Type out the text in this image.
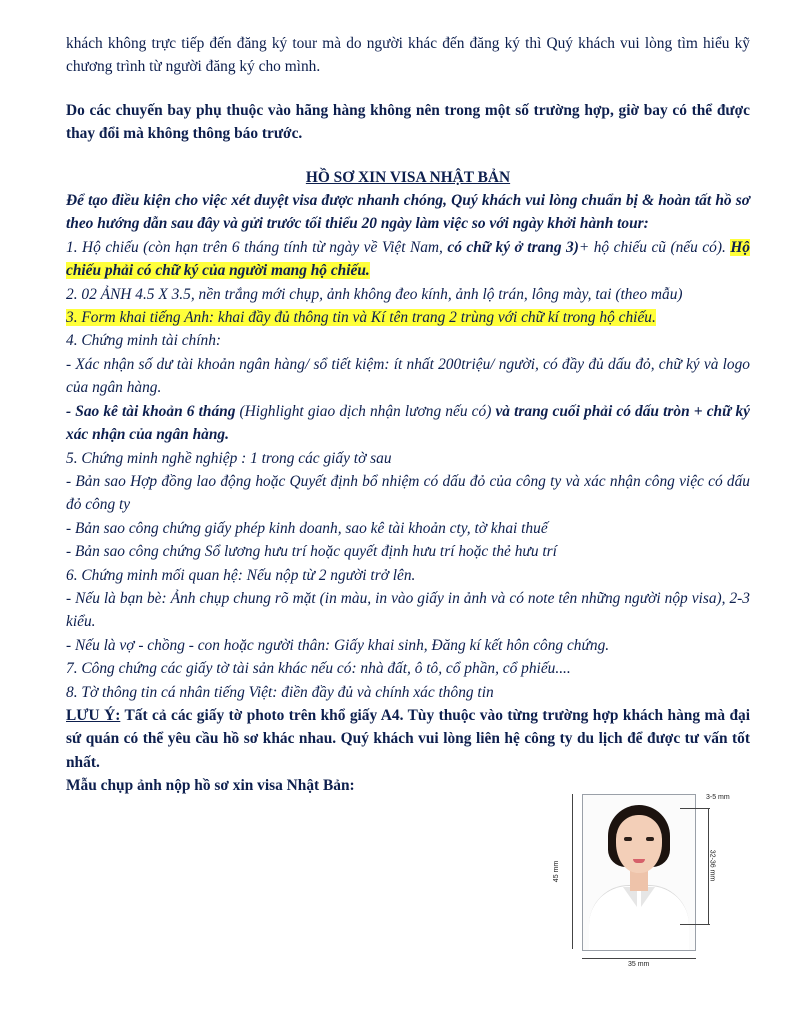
khách không trực tiếp đến đăng ký tour mà do người khác đến đăng ký thì Quý khách vui lòng tìm hiểu kỹ chương trình từ người đăng ký cho mình.

Do các chuyến bay phụ thuộc vào hãng hàng không nên trong một số trường hợp, giờ bay có thể được thay đổi mà không thông báo trước.

HỒ SƠ XIN VISA NHẬT BẢN

Để tạo điều kiện cho việc xét duyệt visa được nhanh chóng, Quý khách vui lòng chuẩn bị & hoàn tất hồ sơ theo hướng dẫn sau đây và gửi trước tối thiểu 20 ngày làm việc so với ngày khởi hành tour:

1. Hộ chiếu (còn hạn trên 6 tháng tính từ ngày về Việt Nam, có chữ ký ở trang 3)+ hộ chiếu cũ (nếu có). Hộ chiếu phải có chữ ký của người mang hộ chiếu.

2. 02 ẢNH 4.5 X 3.5, nền trắng mới chụp, ảnh không đeo kính, ảnh lộ trán, lông mày, tai (theo mẫu)

3. Form khai tiếng Anh: khai đầy đủ thông tin và Kí tên trang 2 trùng với chữ kí trong hộ chiếu.

4. Chứng minh tài chính:

- Xác nhận số dư tài khoản ngân hàng/ sổ tiết kiệm: ít nhất 200triệu/ người, có đầy đủ dấu đỏ, chữ ký và logo của ngân hàng.

- Sao kê tài khoản 6 tháng (Highlight giao dịch nhận lương nếu có) và trang cuối phải có dấu tròn + chữ ký xác nhận của ngân hàng.

5. Chứng minh nghề nghiệp : 1 trong các giấy tờ sau

- Bản sao Hợp đồng lao động hoặc Quyết định bổ nhiệm có dấu đỏ của công ty và xác nhận công việc có dấu đỏ công ty

- Bản sao công chứng giấy phép kinh doanh, sao kê tài khoản cty, tờ khai thuế

- Bản sao công chứng Sổ lương hưu trí hoặc quyết định hưu trí hoặc thẻ hưu trí

6. Chứng minh mối quan hệ: Nếu nộp từ 2 người trở lên.

- Nếu là bạn bè: Ảnh chụp chung rõ mặt (in màu, in vào giấy in ảnh và có note tên những người nộp visa), 2-3 kiểu.

- Nếu là vợ - chồng - con hoặc người thân: Giấy khai sinh, Đăng kí kết hôn công chứng.

7. Công chứng các giấy tờ tài sản khác nếu có: nhà đất, ô tô, cổ phần, cổ phiếu....

8. Tờ thông tin cá nhân tiếng Việt: điền đầy đủ và chính xác thông tin

LƯU Ý: Tất cả các giấy tờ photo trên khổ giấy A4. Tùy thuộc vào từng trường hợp khách hàng mà đại sứ quán có thể yêu cầu hồ sơ khác nhau. Quý khách vui lòng liên hệ công ty du lịch để được tư vấn tốt nhất.

Mẫu chụp ảnh nộp hồ sơ xin visa Nhật Bản:

45 mm
35 mm
32-36 mm
3-5 mm
